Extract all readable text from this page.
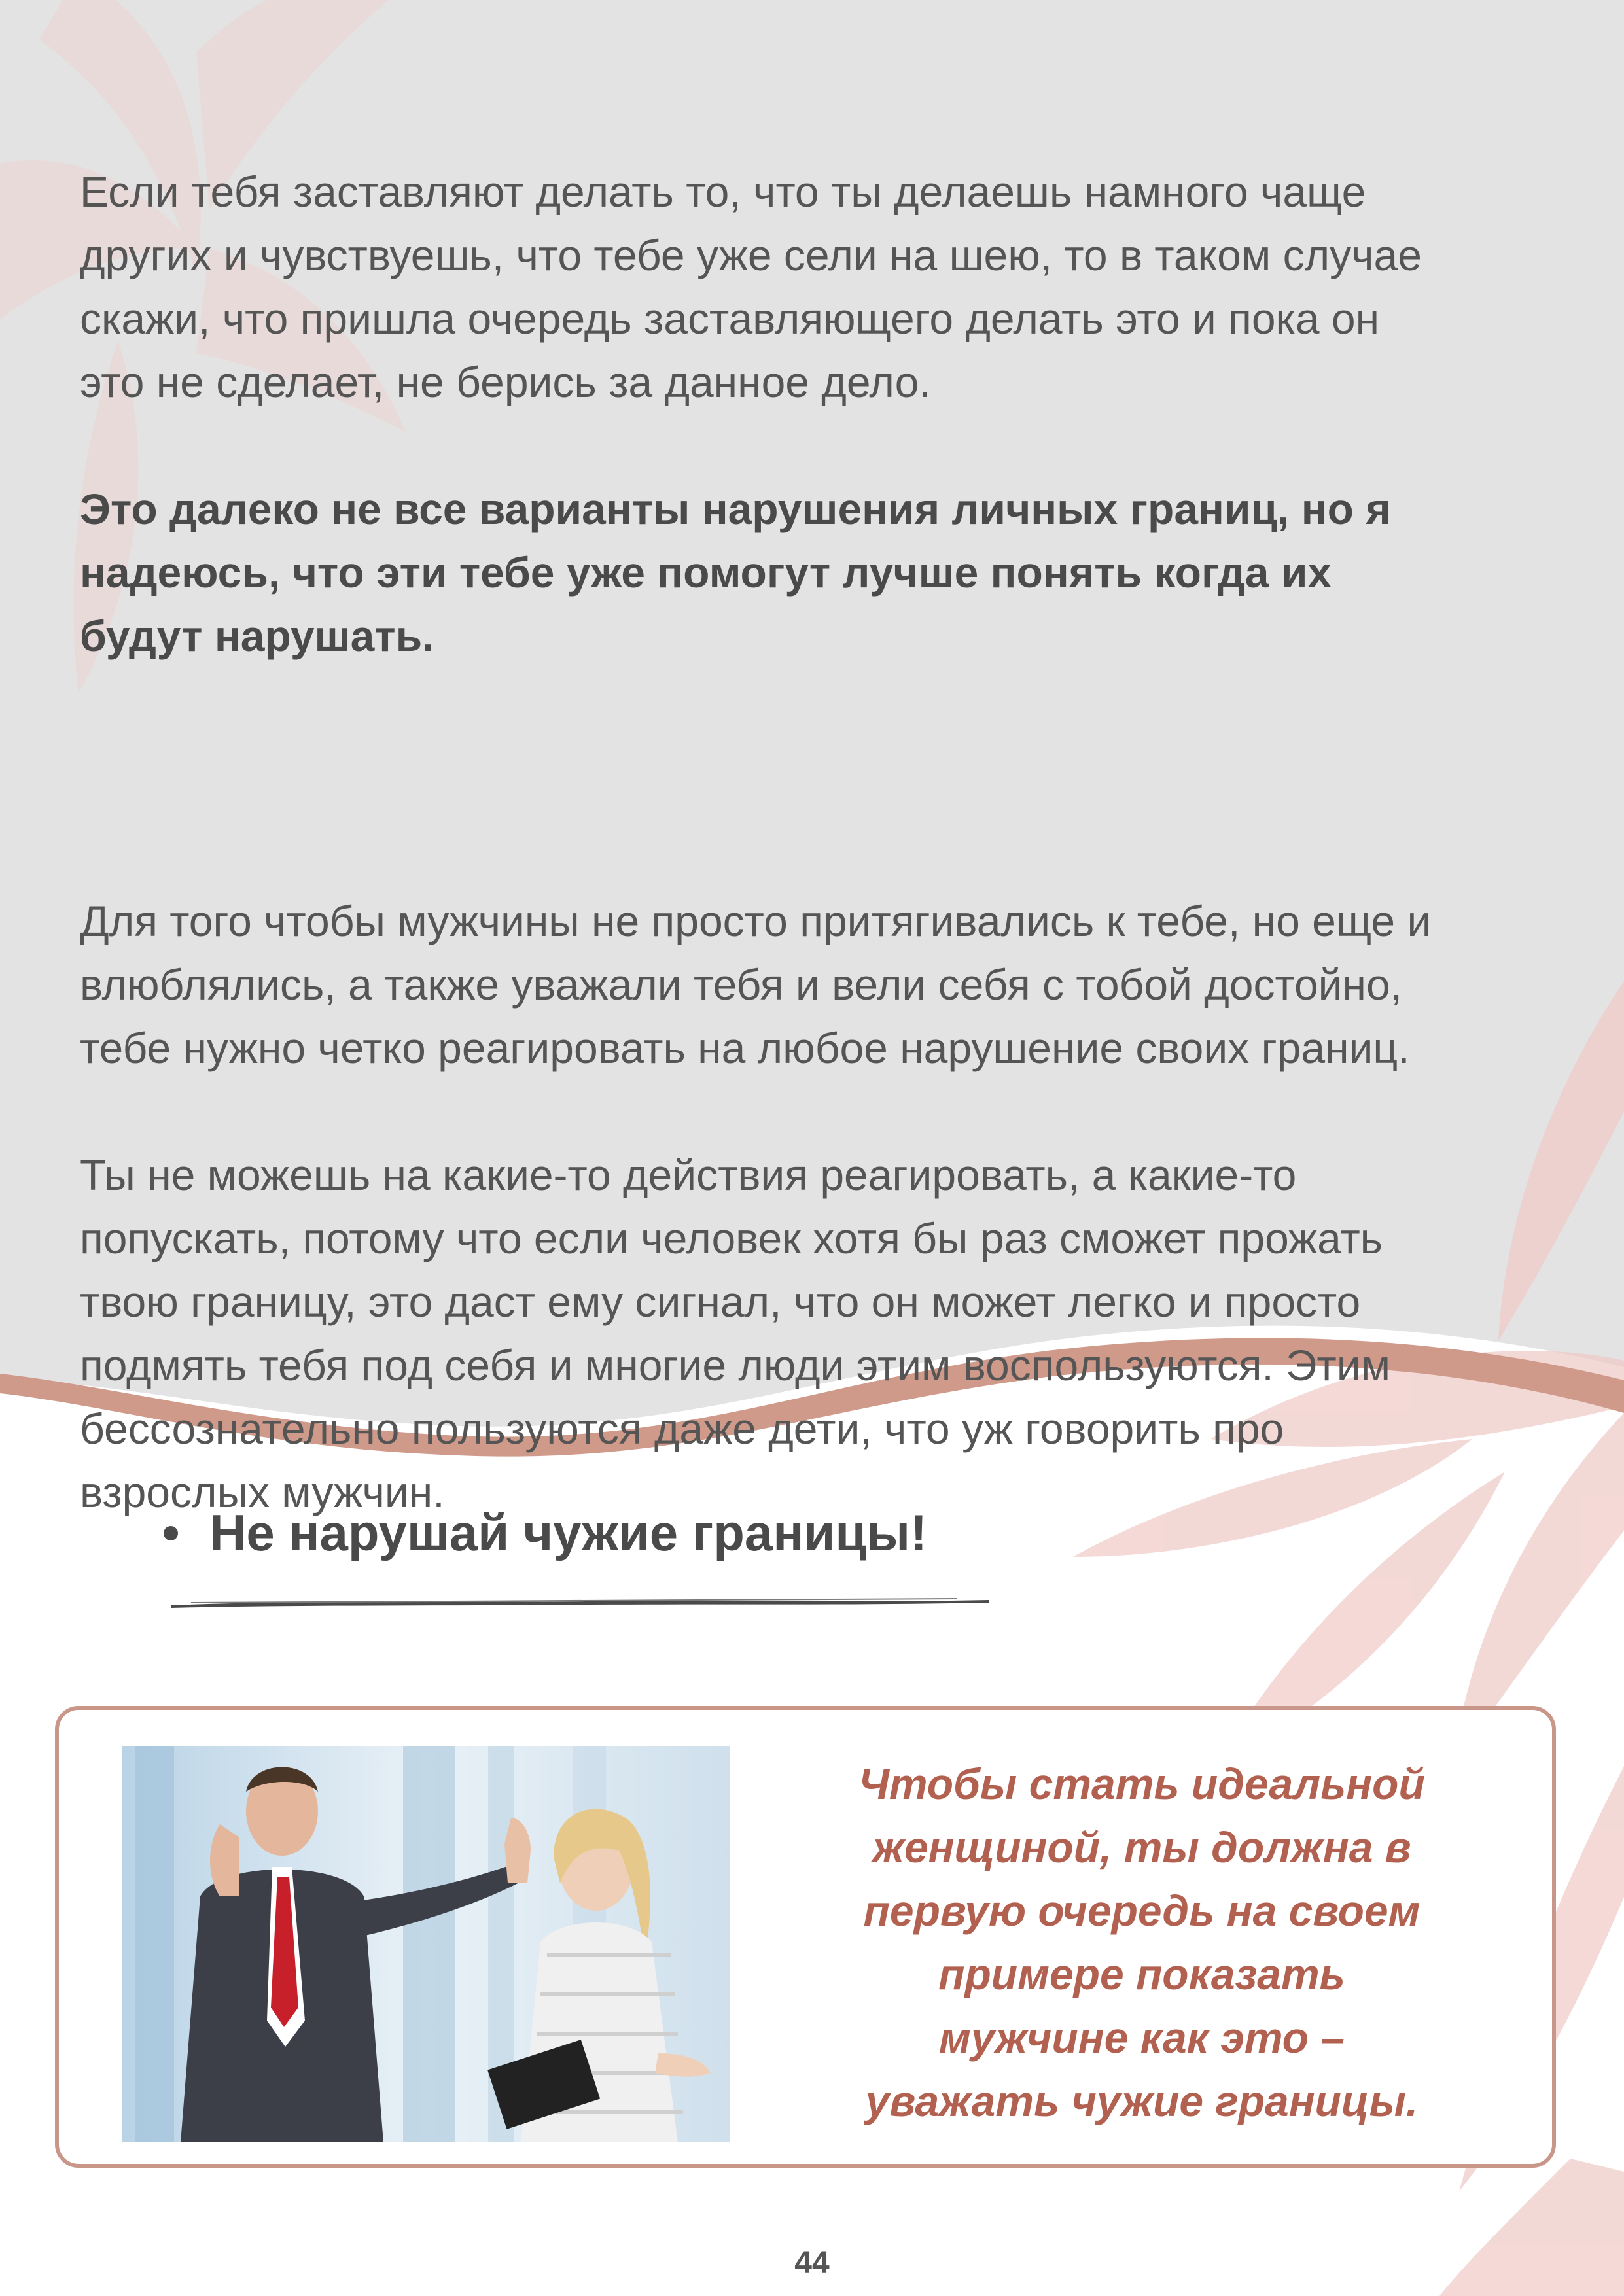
Если тебя заставляют делать то, что ты делаешь намного чаще
других и чувствуешь, что тебе уже сели на шею, то в таком случае
скажи, что пришла очередь заставляющего делать это и пока он
это не сделает, не берись за данное дело.

Это далеко не все варианты нарушения личных границ, но я
надеюсь, что эти тебе уже помогут лучше понять когда их
будут нарушать.

Для того чтобы мужчины не просто притягивались к тебе, но еще и
влюблялись, а также уважали тебя и вели себя с тобой достойно,
тебе нужно четко реагировать на любое нарушение своих границ.

Ты не можешь на какие-то действия реагировать, а какие-то
попускать, потому что если человек хотя бы раз сможет прожать
твою границу, это даст ему сигнал, что он может легко и просто
подмять тебя под себя и многие люди этим воспользуются. Этим
бессознательно пользуются даже дети, что уж говорить про
взрослых мужчин.

Не нарушай чужие границы!
Чтобы стать идеальной
женщиной, ты должна в
первую очередь на своем
примере показать
мужчине как это –
уважать чужие границы.
44
